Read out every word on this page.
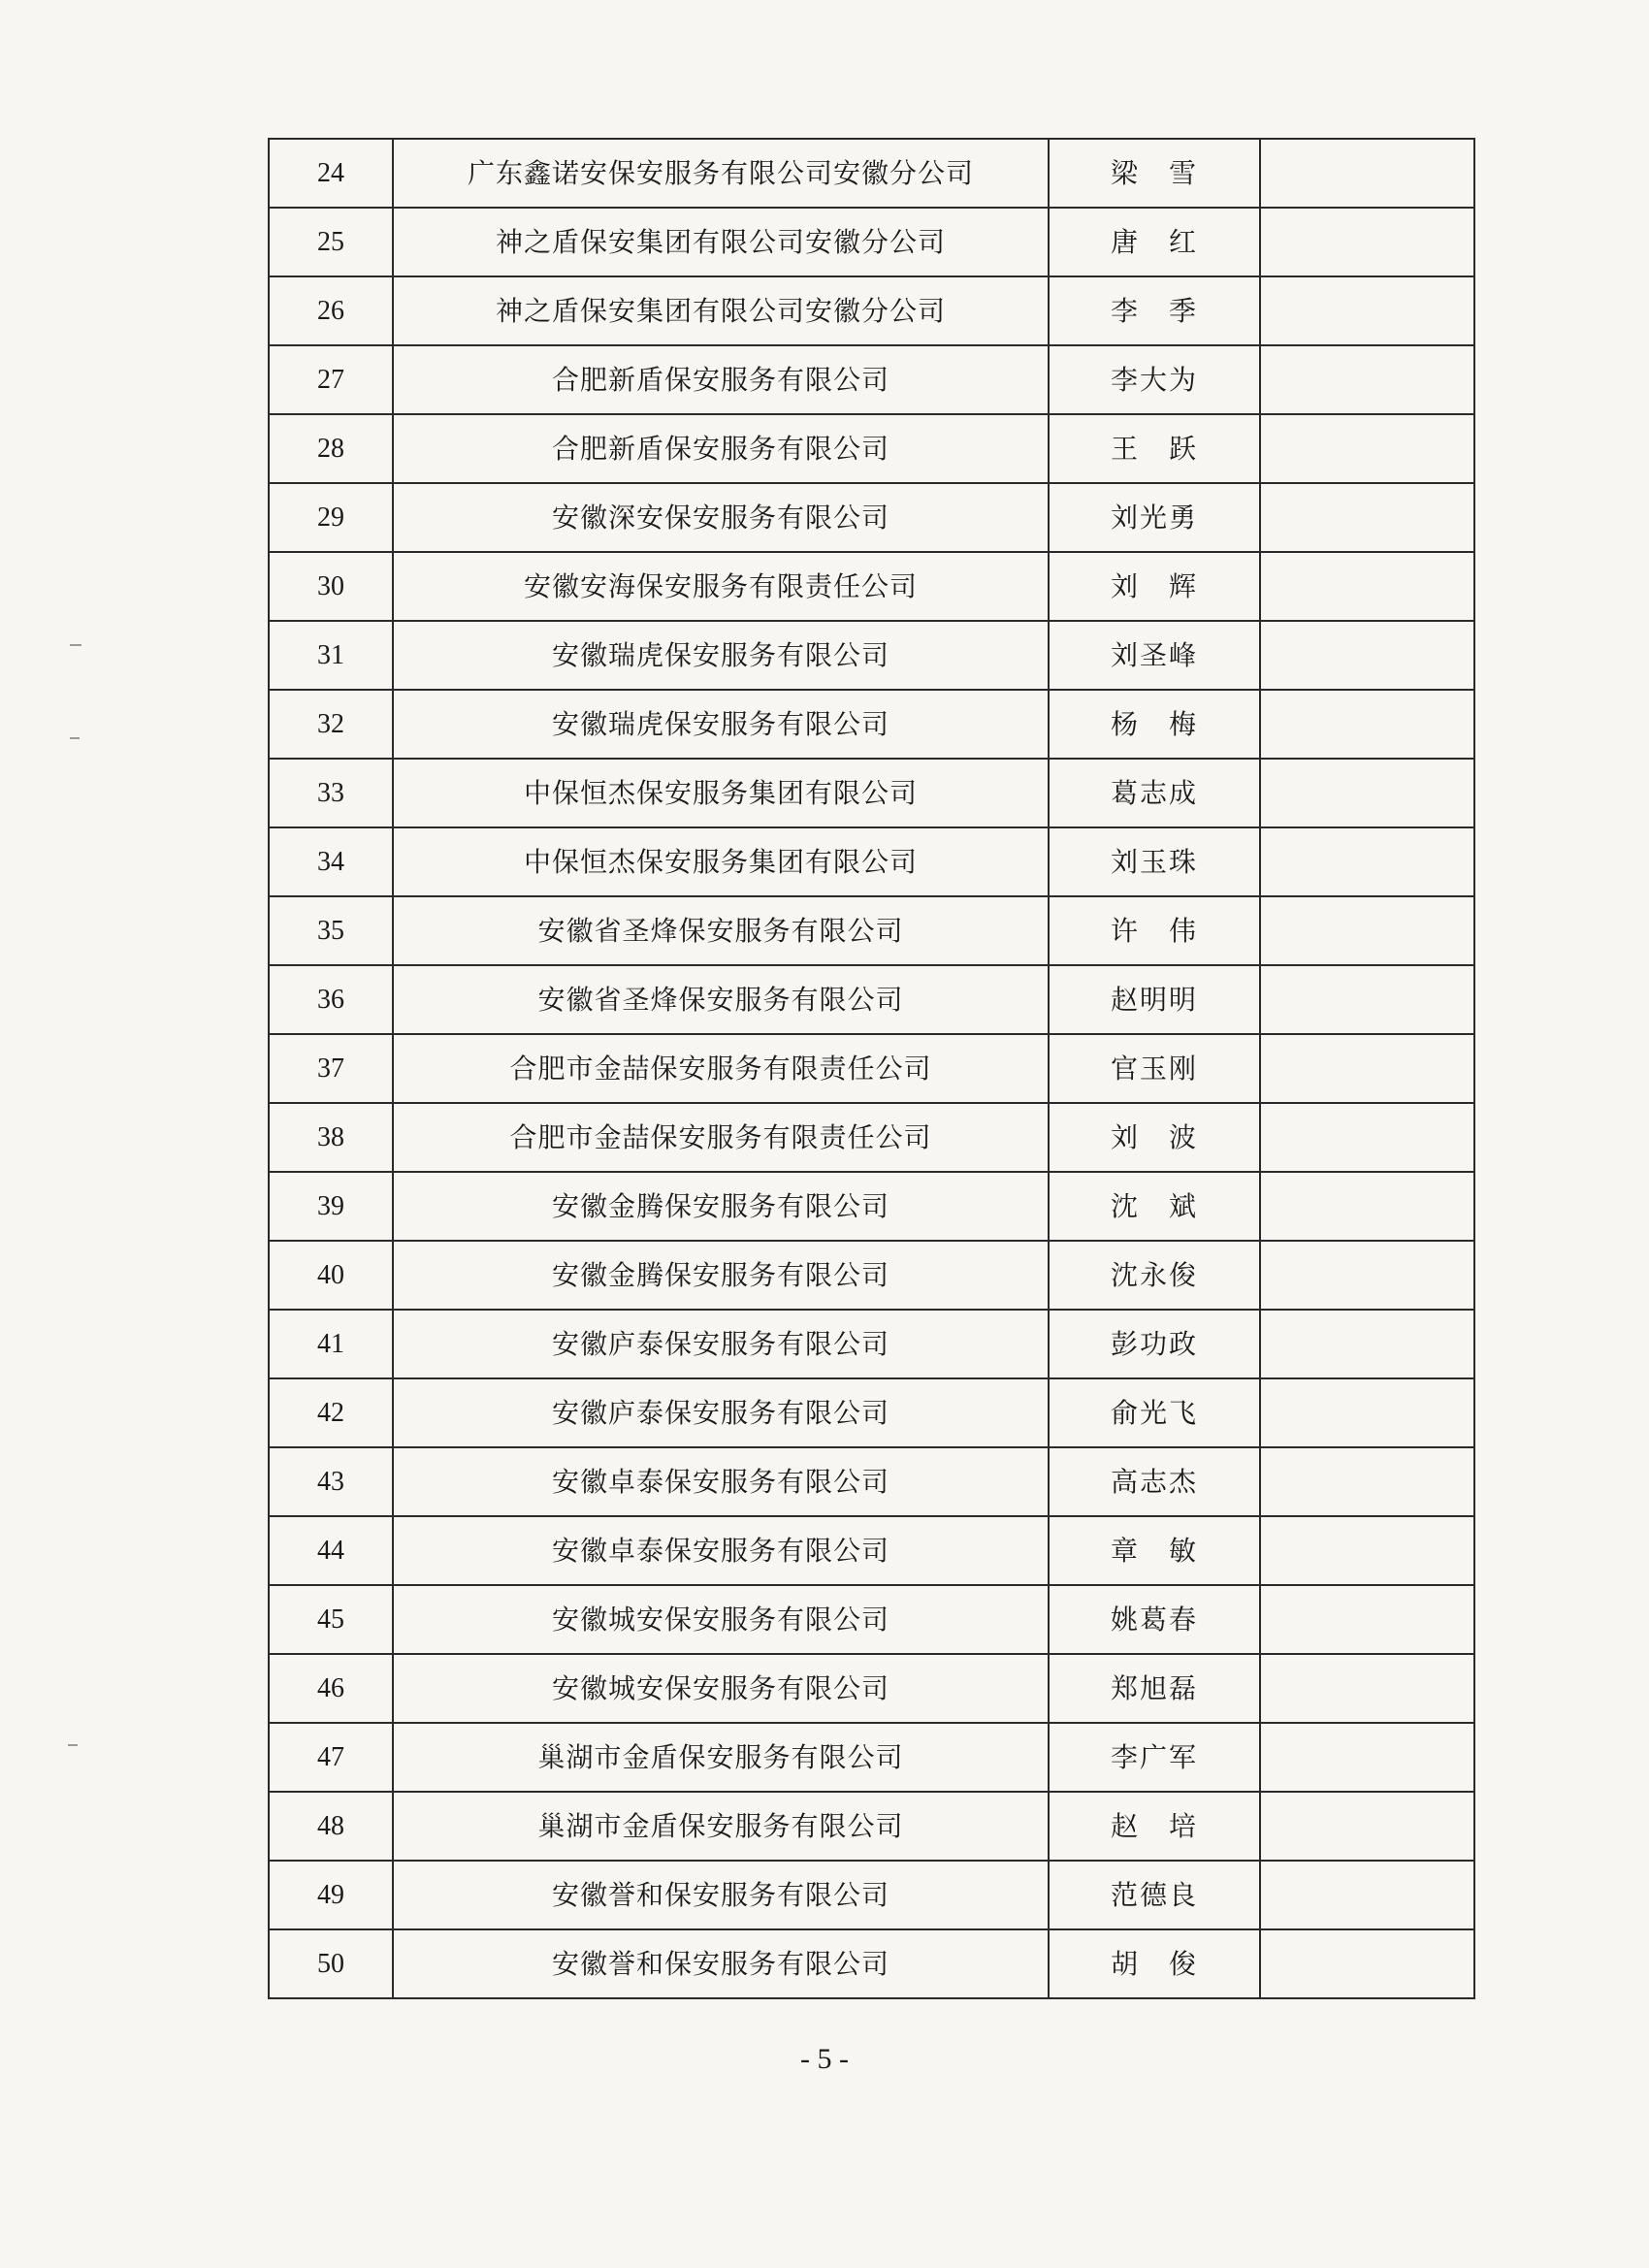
24	广东鑫诺安保安服务有限公司安徽分公司	梁　雪	
25	神之盾保安集团有限公司安徽分公司	唐　红	
26	神之盾保安集团有限公司安徽分公司	李　季	
27	合肥新盾保安服务有限公司	李大为	
28	合肥新盾保安服务有限公司	王　跃	
29	安徽深安保安服务有限公司	刘光勇	
30	安徽安海保安服务有限责任公司	刘　辉	
31	安徽瑞虎保安服务有限公司	刘圣峰	
32	安徽瑞虎保安服务有限公司	杨　梅	
33	中保恒杰保安服务集团有限公司	葛志成	
34	中保恒杰保安服务集团有限公司	刘玉珠	
35	安徽省圣烽保安服务有限公司	许　伟	
36	安徽省圣烽保安服务有限公司	赵明明	
37	合肥市金喆保安服务有限责任公司	官玉刚	
38	合肥市金喆保安服务有限责任公司	刘　波	
39	安徽金腾保安服务有限公司	沈　斌	
40	安徽金腾保安服务有限公司	沈永俊	
41	安徽庐泰保安服务有限公司	彭功政	
42	安徽庐泰保安服务有限公司	俞光飞	
43	安徽卓泰保安服务有限公司	高志杰	
44	安徽卓泰保安服务有限公司	章　敏	
45	安徽城安保安服务有限公司	姚葛春	
46	安徽城安保安服务有限公司	郑旭磊	
47	巢湖市金盾保安服务有限公司	李广军	
48	巢湖市金盾保安服务有限公司	赵　培	
49	安徽誉和保安服务有限公司	范德良	
50	安徽誉和保安服务有限公司	胡　俊	
- 5 -
